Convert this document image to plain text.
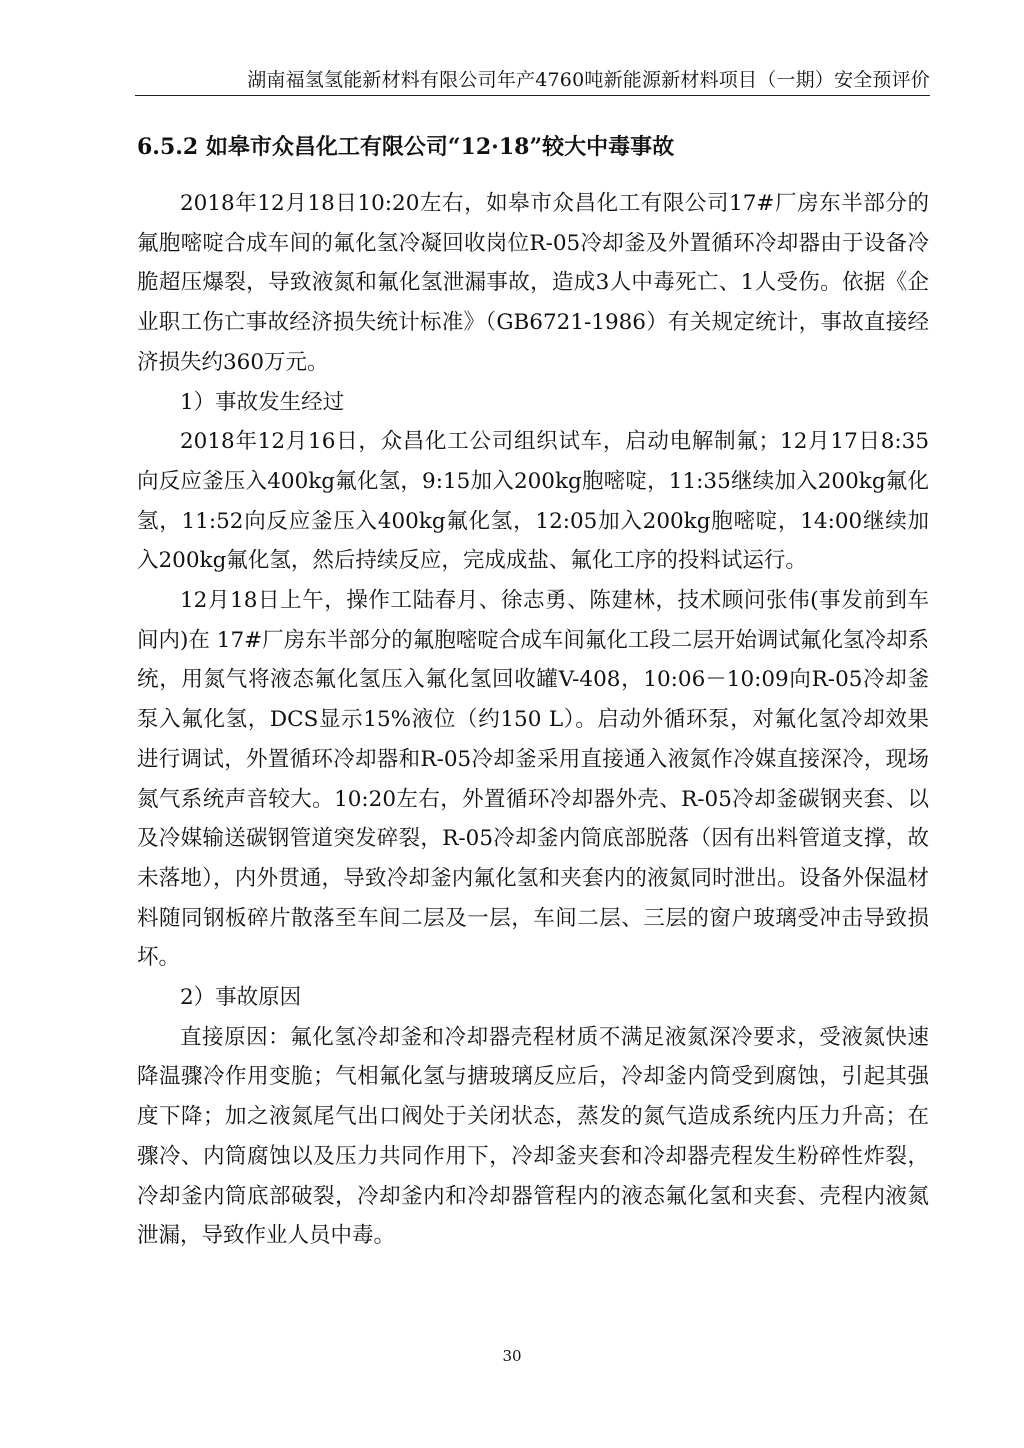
湖南福氢氢能新材料有限公司年产4760吨新能源新材料项目（一期）安全预评价
6.5.2 如皋市众昌化工有限公司“12·18”较大中毒事故

2018年12月18日10:20左右，如皋市众昌化工有限公司17#厂房东半部分的氟胞嘧啶合成车间的氟化氢冷凝回收岗位R-05冷却釜及外置循环冷却器由于设备冷脆超压爆裂，导致液氮和氟化氢泄漏事故，造成3人中毒死亡、1人受伤。依据《企业职工伤亡事故经济损失统计标准》（GB6721-1986）有关规定统计，事故直接经济损失约360万元。

1）事故发生经过

2018年12月16日，众昌化工公司组织试车，启动电解制氟；12月17日8:35向反应釜压入400kg氟化氢，9:15加入200kg胞嘧啶，11:35继续加入200kg氟化氢，11:52向反应釜压入400kg氟化氢，12:05加入200kg胞嘧啶，14:00继续加入200kg氟化氢，然后持续反应，完成成盐、氟化工序的投料试运行。

12月18日上午，操作工陆春月、徐志勇、陈建林，技术顾问张伟(事发前到车间内)在 17#厂房东半部分的氟胞嘧啶合成车间氟化工段二层开始调试氟化氢冷却系统，用氮气将液态氟化氢压入氟化氢回收罐V-408，10:06－10:09向R-05冷却釜泵入氟化氢，DCS显示15%液位（约150 L）。启动外循环泵，对氟化氢冷却效果进行调试，外置循环冷却器和R-05冷却釜采用直接通入液氮作冷媒直接深冷，现场氮气系统声音较大。10:20左右，外置循环冷却器外壳、R-05冷却釜碳钢夹套、以及冷媒输送碳钢管道突发碎裂，R-05冷却釜内筒底部脱落（因有出料管道支撑，故未落地），内外贯通，导致冷却釜内氟化氢和夹套内的液氮同时泄出。设备外保温材料随同钢板碎片散落至车间二层及一层，车间二层、三层的窗户玻璃受冲击导致损坏。

2）事故原因

直接原因：氟化氢冷却釜和冷却器壳程材质不满足液氮深冷要求，受液氮快速降温骤冷作用变脆；气相氟化氢与搪玻璃反应后，冷却釜内筒受到腐蚀，引起其强度下降；加之液氮尾气出口阀处于关闭状态，蒸发的氮气造成系统内压力升高；在骤冷、内筒腐蚀以及压力共同作用下，冷却釜夹套和冷却器壳程发生粉碎性炸裂，冷却釜内筒底部破裂，冷却釜内和冷却器管程内的液态氟化氢和夹套、壳程内液氮泄漏，导致作业人员中毒。

30
